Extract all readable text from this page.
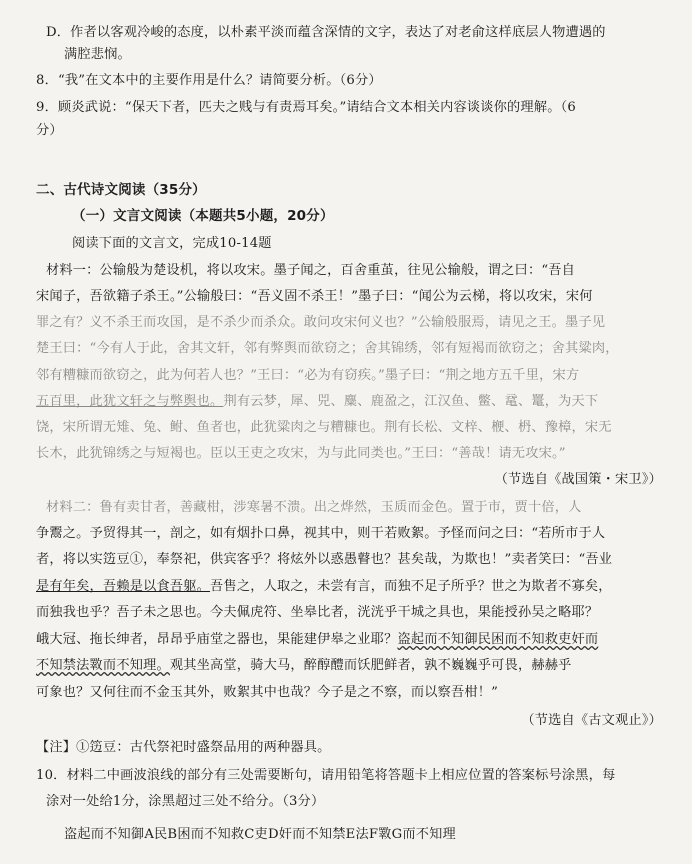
D．作者以客观冷峻的态度，以朴素平淡而蕴含深情的文字，表达了对老俞这样底层人物遭遇的
满腔悲悯。
8．“我”在文本中的主要作用是什么？请简要分析。（6分）
9．顾炎武说：“保天下者，匹夫之贱与有责焉耳矣。”请结合文本相关内容谈谈你的理解。（6
分）
二、古代诗文阅读（35分）
（一）文言文阅读（本题共5小题，20分）
阅读下面的文言文，完成10-14题
材料一：公输般为楚设机，将以攻宋。墨子闻之，百舍重茧，往见公输般，谓之曰：“吾自
宋闻子，吾欲籍子杀王。”公输般曰：“吾义固不杀王！”墨子曰：“闻公为云梯，将以攻宋，宋何
罪之有？义不杀王而攻国，是不杀少而杀众。敢问攻宋何义也？”公输般服焉，请见之王。墨子见
楚王曰：“今有人于此，舍其文轩，邻有弊舆而欲窃之；舍其锦绣，邻有短褐而欲窃之；舍其粱肉，
邻有糟糠而欲窃之，此为何若人也？”王曰：“必为有窃疾。”墨子曰：“荆之地方五千里，宋方
五百里，此犹文轩之与弊舆也。荆有云梦，犀、兕、麋、鹿盈之，江汉鱼、鳖、鼋、鼍，为天下
饶，宋所谓无雉、兔、鲋、鱼者也，此犹粱肉之与糟糠也。荆有长松、文梓、楩、枬、豫樟，宋无
长木，此犹锦绣之与短褐也。臣以王吏之攻宋，为与此同类也。”王曰：“善哉！请无攻宋。”
（节选自《战国策・宋卫》）
材料二：鲁有卖甘者，善藏柑，涉寒暑不溃。出之烨然，玉质而金色。置于市，贾十倍，人
争鬻之。予贸得其一，剖之，如有烟扑口鼻，视其中，则干若败絮。予怪而问之曰：“若所市于人
者，将以实笾豆①，奉祭祀，供宾客乎？将炫外以惑愚瞽也？甚矣哉，为欺也！”卖者笑曰：“吾业
是有年矣，吾赖是以食吾躯。吾售之，人取之，未尝有言，而独不足子所乎？世之为欺者不寡矣，
而独我也乎？吾子未之思也。今夫佩虎符、坐皋比者，洸洸乎干城之具也，果能授孙吴之略耶？
峨大冠、拖长绅者，昂昂乎庙堂之器也，果能建伊皋之业耶？盗起而不知御民困而不知救吏奸而
不知禁法斁而不知理。观其坐高堂，骑大马，醉醇醴而饫肥鲜者，孰不巍巍乎可畏，赫赫乎
可象也？又何往而不金玉其外，败絮其中也哉？今子是之不察，而以察吾柑！”
（节选自《古文观止》）
【注】①笾豆：古代祭祀时盛祭品用的两种器具。
10．材料二中画波浪线的部分有三处需要断句，请用铅笔将答题卡上相应位置的答案标号涂黑，每
涂对一处给1分，涂黑超过三处不给分。（3分）
盗起而不知御A民B困而不知救C吏D奸而不知禁E法F斁G而不知理
